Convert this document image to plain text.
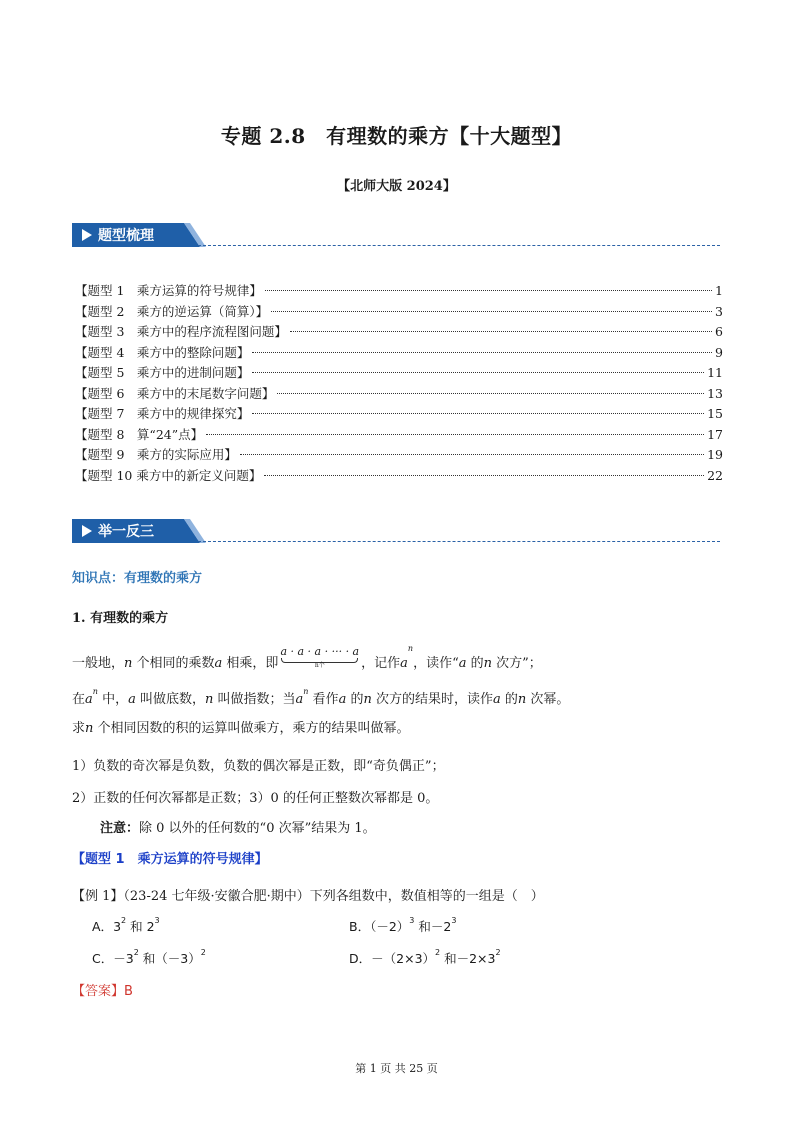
专题 2.8　有理数的乘方【十大题型】
【北师大版 2024】
题型梳理
【题型 1　乘方运算的符号规律】	1
【题型 2　乘方的逆运算（简算）】	3
【题型 3　乘方中的程序流程图问题】	6
【题型 4　乘方中的整除问题】	9
【题型 5　乘方中的进制问题】	11
【题型 6　乘方中的末尾数字问题】	13
【题型 7　乘方中的规律探究】	15
【题型 8　算“24”点】	17
【题型 9　乘方的实际应用】	19
【题型 10 乘方中的新定义问题】	22
举一反三
知识点：有理数的乘方
1. 有理数的乘方
一般地，n 个相同的乘数a 相乘，即a · a · a · ··· · a
n个	，记作$a^n$，读作“a 的n 次方”；
在$a^n$ 中，a 叫做底数，n 叫做指数；当$a^n$ 看作a 的n 次方的结果时，读作a 的n 次幂。
求n 个相同因数的积的运算叫做乘方，乘方的结果叫做幂。
1）负数的奇次幂是负数，负数的偶次幂是正数，即“奇负偶正”；
2）正数的任何次幂都是正数；3）0 的任何正整数次幂都是 0。
注意：除 0 以外的任何数的“0 次幂”结果为 1。
【题型 1　乘方运算的符号规律】
【例 1】（23-24 七年级·安徽合肥·期中）下列各组数中，数值相等的一组是（　）
A．$3^2$ 和 $2^3$	B．$(-2)^3$ 和$-2^3$
C．$-3^2$ 和$(-3)^2$	D．$-(2\times 3)^2$ 和$-2\times 3^2$
【答案】B
第 1 页 共 25 页
